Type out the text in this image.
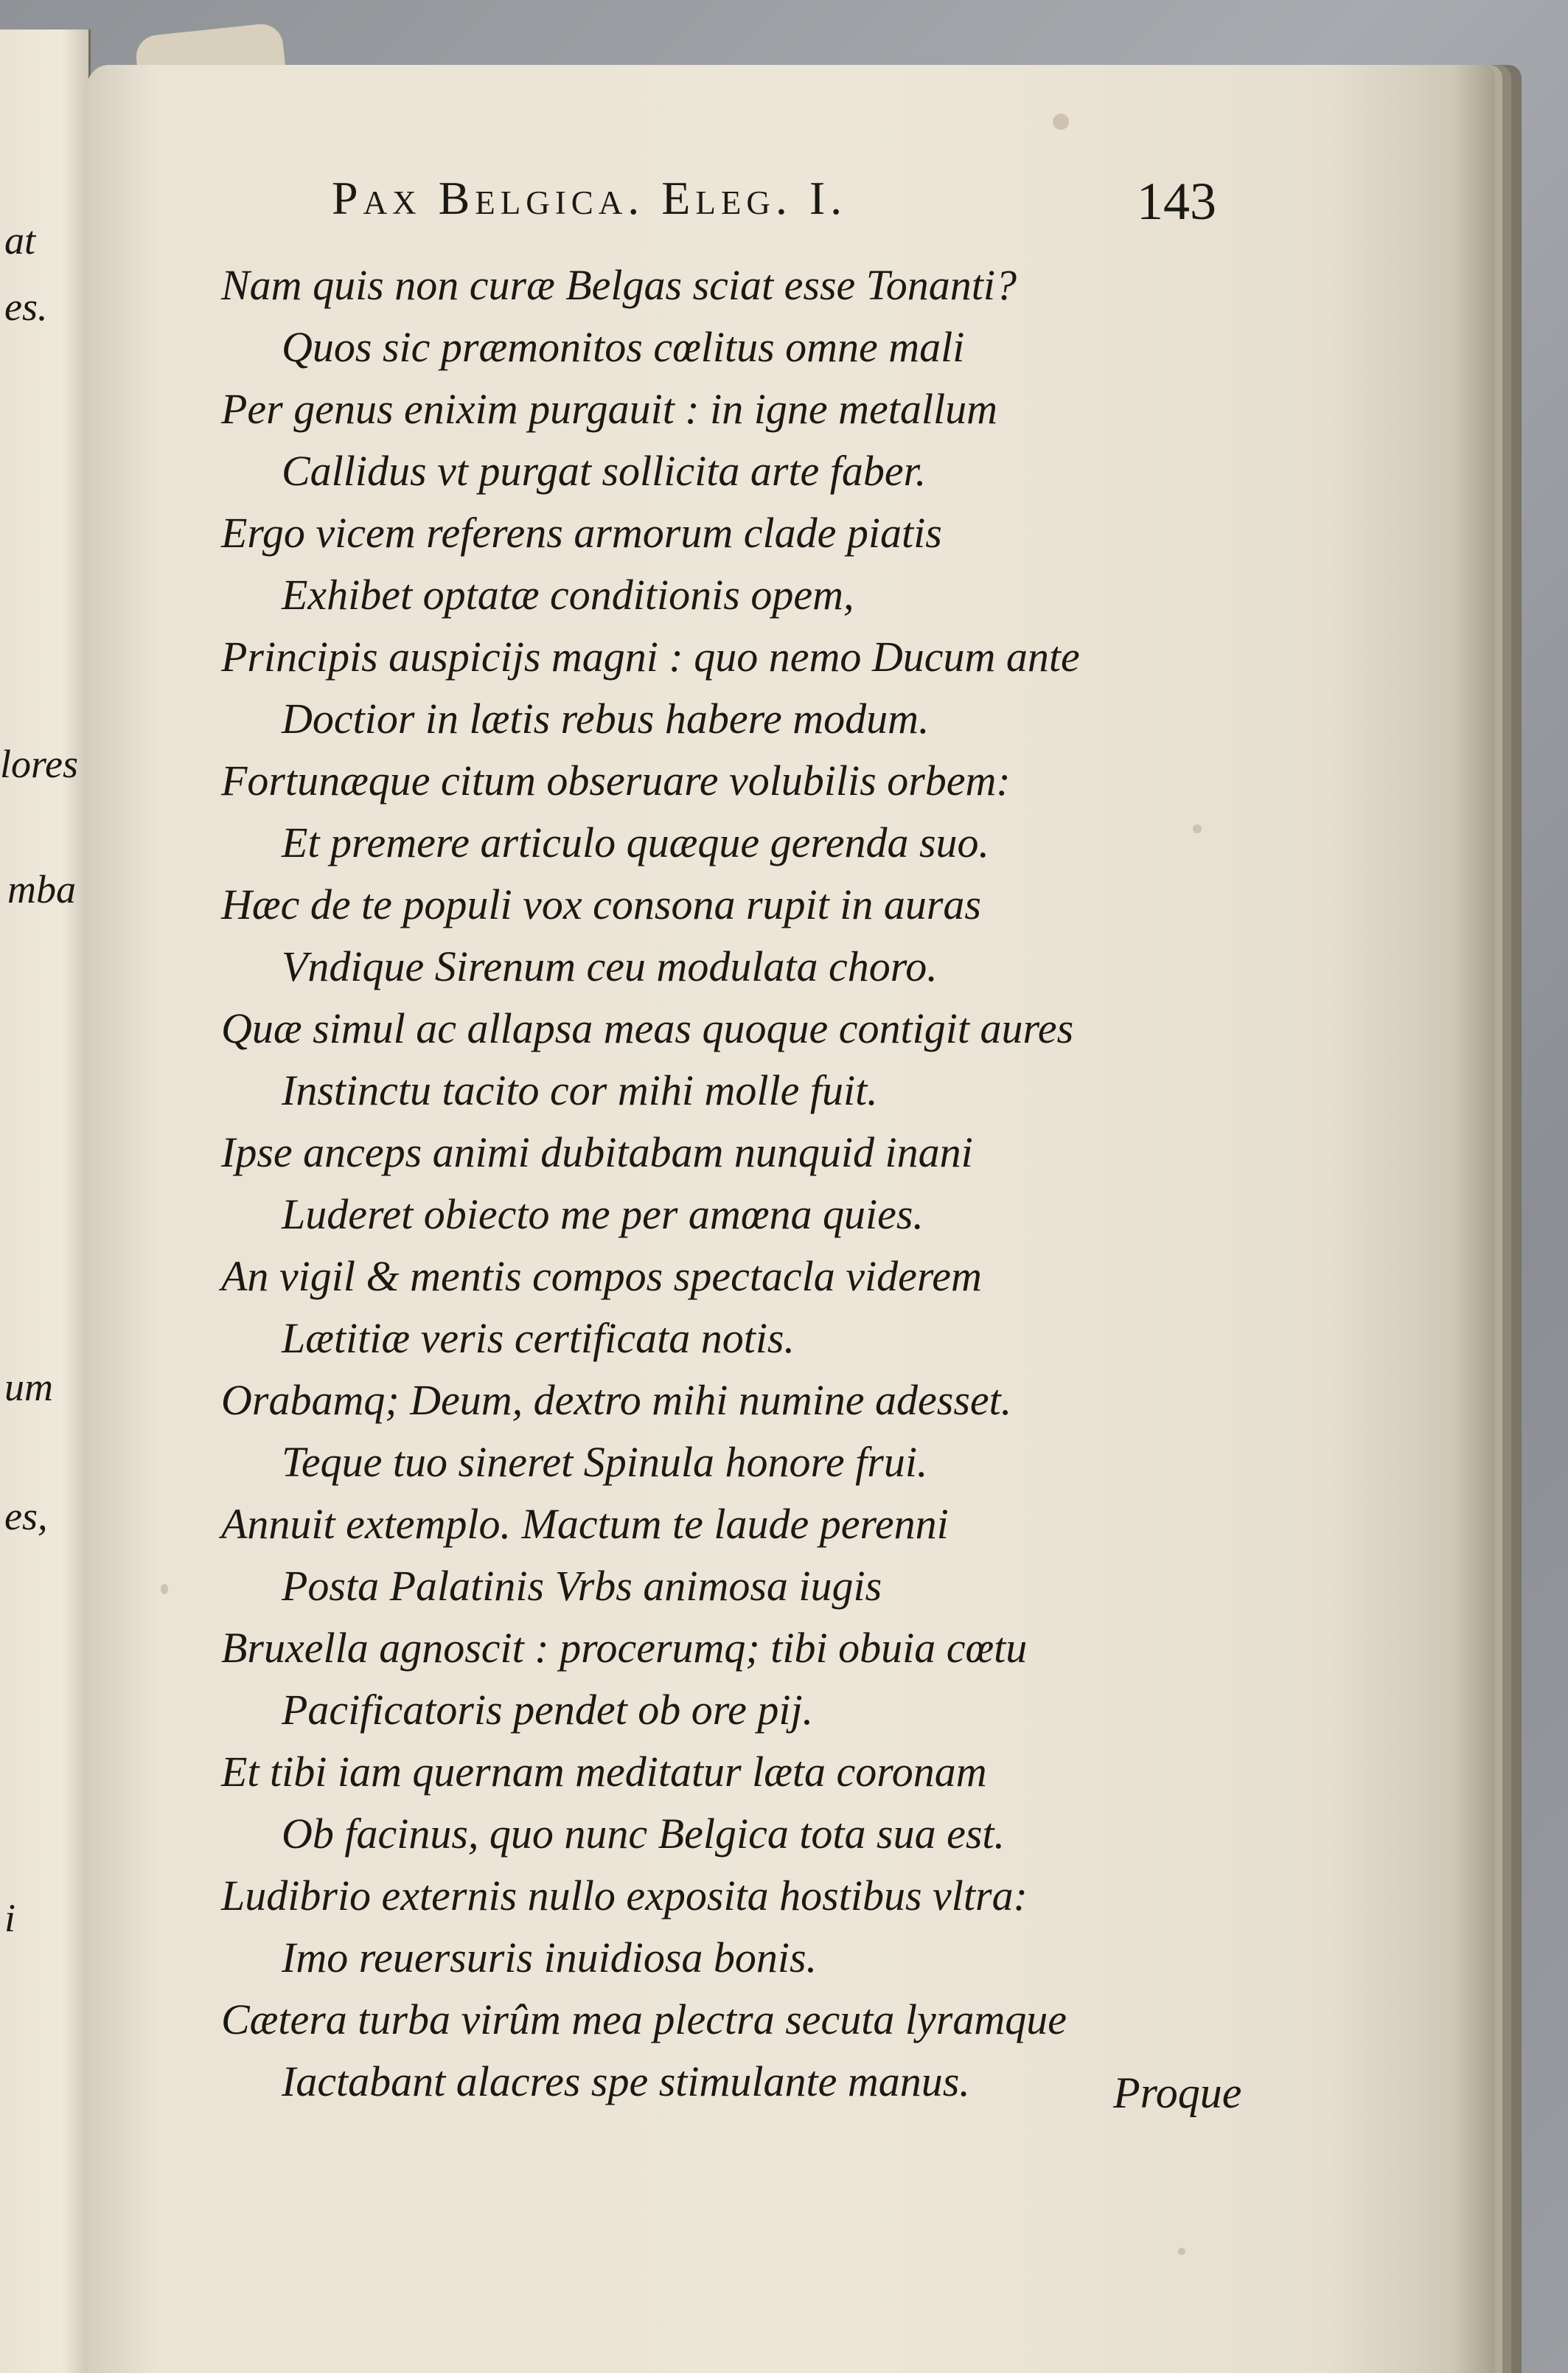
at
es.
lores
mba
um
es,
i
Pax Belgica. Eleg. I.	143
Nam quis non curæ Belgas sciat esse Tonanti?
Quos sic præmonitos cœlitus omne mali
Per genus enixim purgauit : in igne metallum
Callidus vt purgat sollicita arte faber.
Ergo vicem referens armorum clade piatis
Exhibet optatæ conditionis opem,
Principis auspicijs magni : quo nemo Ducum ante
Doctior in lætis rebus habere modum.
Fortunæque citum obseruare volubilis orbem:
Et premere articulo quæque gerenda suo.
Hæc de te populi vox consona rupit in auras
Vndique Sirenum ceu modulata choro.
Quæ simul ac allapsa meas quoque contigit aures
Instinctu tacito cor mihi molle fuit.
Ipse anceps animi dubitabam nunquid inani
Luderet obiecto me per amœna quies.
An vigil & mentis compos spectacla viderem
Lætitiæ veris certificata notis.
Orabamq; Deum, dextro mihi numine adesset.
Teque tuo sineret Spinula honore frui.
Annuit extemplo. Mactum te laude perenni
Posta Palatinis Vrbs animosa iugis
Bruxella agnoscit : procerumq; tibi obuia cœtu
Pacificatoris pendet ob ore pij.
Et tibi iam quernam meditatur læta coronam
Ob facinus, quo nunc Belgica tota sua est.
Ludibrio externis nullo exposita hostibus vltra:
Imo reuersuris inuidiosa bonis.
Cætera turba virûm mea plectra secuta lyramque
Iactabant alacres spe stimulante manus.	Proque
